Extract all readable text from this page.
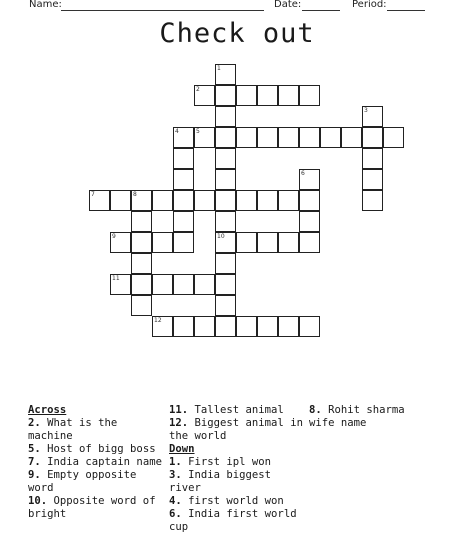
Name:	Date:	Period:
Check out
1
10
2
3
4	5
6
7	8
9
11
12
Across
2. What is the machine
5. Host of bigg boss
7. India captain name
9. Empty opposite word
10. Opposite word of bright
11. Tallest animal
12. Biggest animal in the world
Down
1. First ipl won
3. India biggest river
4. first world won
6. India first world cup
8. Rohit sharma wife name
